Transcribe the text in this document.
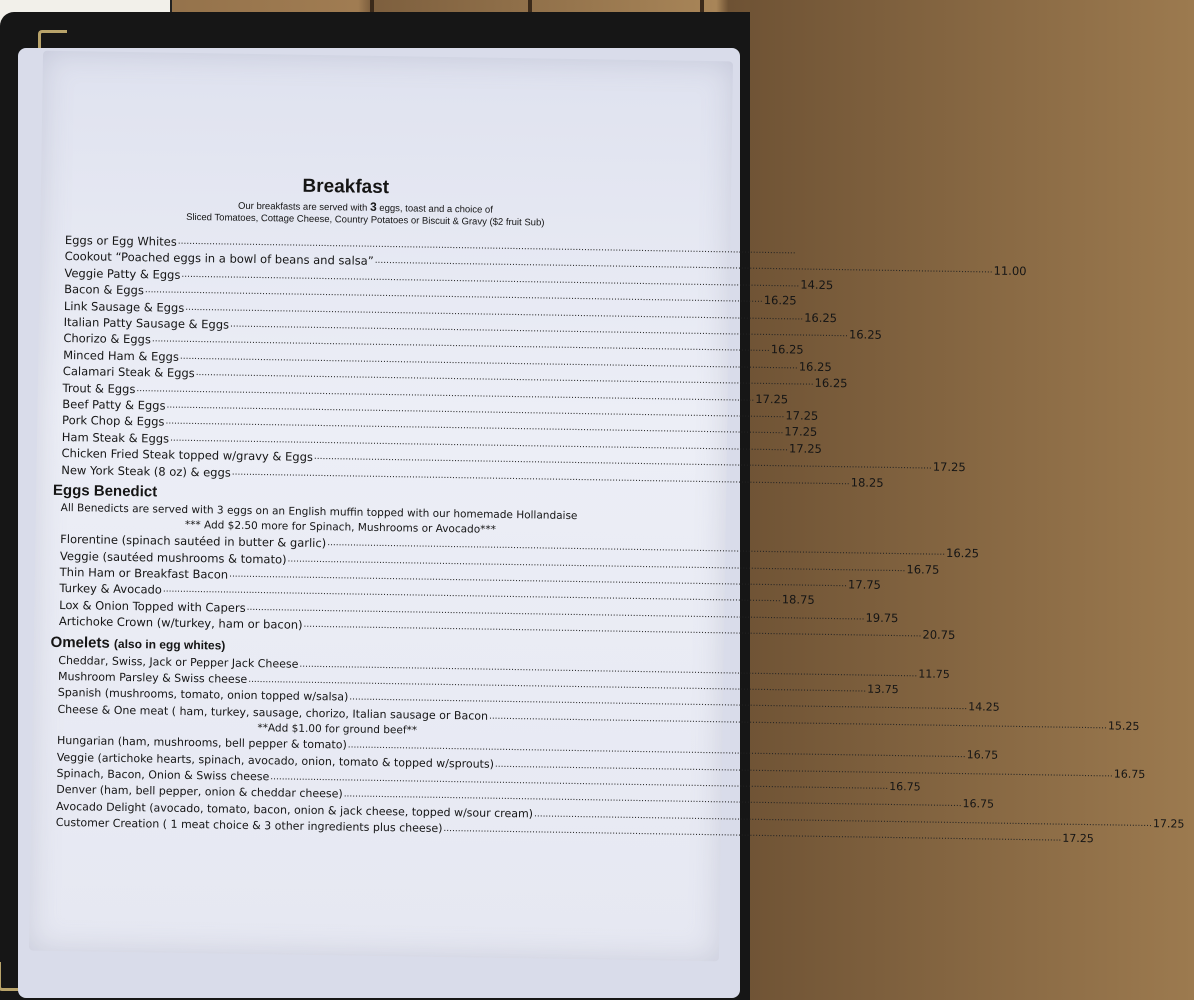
Breakfast
Our breakfasts are served with 3 eggs, toast and a choice of
Sliced Tomatoes, Cottage Cheese, Country Potatoes or Biscuit & Gravy ($2 fruit Sub)
Eggs or Egg Whites
.....
Cookout “Poached eggs in a bowl of beans and salsa”
.....
11.00
Veggie Patty & Eggs
.....
14.25
Bacon & Eggs
.....
16.25
Link Sausage & Eggs
.....
16.25
Italian Patty Sausage & Eggs
.....
16.25
Chorizo & Eggs
.....
16.25
Minced Ham & Eggs
.....
16.25
Calamari Steak & Eggs
.....
16.25
Trout & Eggs
.....
17.25
Beef Patty & Eggs
.....
17.25
Pork Chop & Eggs
.....
17.25
Ham Steak & Eggs
.....
17.25
Chicken Fried Steak topped w/gravy & Eggs
.....
17.25
New York Steak (8 oz) & eggs
.....
18.25
Eggs Benedict
All Benedicts are served with 3 eggs on an English muffin topped with our homemade Hollandaise
*** Add $2.50 more for Spinach, Mushrooms or Avocado***
Florentine (spinach sautéed in butter & garlic)
.....
16.25
Veggie (sautéed mushrooms & tomato)
.....
16.75
Thin Ham or Breakfast Bacon
.....
17.75
Turkey & Avocado
.....
18.75
Lox & Onion Topped with Capers
.....
19.75
Artichoke Crown (w/turkey, ham or bacon)
.....
20.75
Omelets (also in egg whites)
Cheddar, Swiss, Jack or Pepper Jack Cheese
.....
11.75
Mushroom Parsley & Swiss cheese
.....
13.75
Spanish (mushrooms, tomato, onion topped w/salsa)
.....
14.25
Cheese & One meat ( ham, turkey, sausage, chorizo, Italian sausage or Bacon
.....
15.25
**Add $1.00 for ground beef**
Hungarian (ham, mushrooms, bell pepper & tomato)
.....
16.75
Veggie (artichoke hearts, spinach, avocado, onion, tomato & topped w/sprouts)
.....
16.75
Spinach, Bacon, Onion & Swiss cheese
.....
16.75
Denver (ham, bell pepper, onion & cheddar cheese)
.....
16.75
Avocado Delight (avocado, tomato, bacon, onion & jack cheese, topped w/sour cream)
.....
17.25
Customer Creation ( 1 meat choice & 3 other ingredients plus cheese)
.....
17.25
